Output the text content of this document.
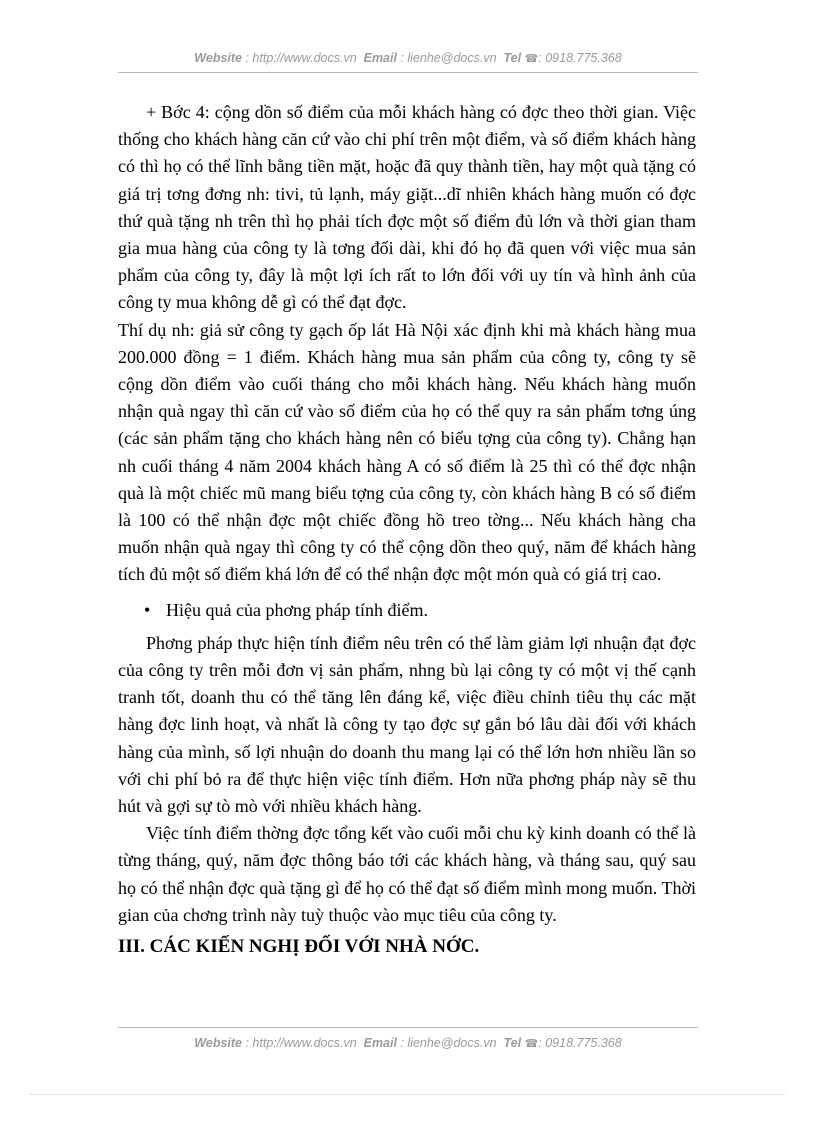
Website : http://www.docs.vn Email : lienhe@docs.vn Tel ☎: 0918.775.368

+ Bớc 4: cộng dồn số điểm của mỗi khách hàng có đợc theo thời gian. Việc thống cho khách hàng căn cứ vào chi phí trên một điểm, và số điểm khách hàng có thì họ có thể lĩnh bằng tiền mặt, hoặc đã quy thành tiền, hay một quà tặng có giá trị tơng đơng nh: tivi, tủ lạnh, máy giặt...dĩ nhiên khách hàng muốn có đợc thứ quà tặng nh trên thì họ phải tích đợc một số điểm đủ lớn và thời gian tham gia mua hàng của công ty là tơng đối dài, khi đó họ đã quen với việc mua sản phẩm của công ty, đây là một lợi ích rất to lớn đối với uy tín và hình ảnh của công ty mua không dễ gì có thể đạt đợc.

Thí dụ nh: giả sử công ty gạch ốp lát Hà Nội xác định khi mà khách hàng mua 200.000 đồng = 1 điểm. Khách hàng mua sản phẩm của công ty, công ty sẽ cộng dồn điểm vào cuối tháng cho mỗi khách hàng. Nếu khách hàng muốn nhận quà ngay thì căn cứ vào số điểm của họ có thể quy ra sản phẩm tơng úng (các sản phẩm tặng cho khách hàng nên có biểu tợng của công ty). Chẳng hạn nh cuối tháng 4 năm 2004 khách hàng A có số điểm là 25 thì có thể đợc nhận quà là một chiếc mũ mang biểu tợng của công ty, còn khách hàng B có số điểm là 100 có thể nhận đợc một chiếc đồng hồ treo tờng... Nếu khách hàng cha muốn nhận quà ngay thì công ty có thể cộng dồn theo quý, năm để khách hàng tích đủ một số điểm khá lớn để có thể nhận đợc một món quà có giá trị cao.

• Hiệu quả của phơng pháp tính điểm.

Phơng pháp thực hiện tính điểm nêu trên có thể làm giảm lợi nhuận đạt đợc của công ty trên mỗi đơn vị sản phẩm, nhng bù lại công ty có một vị thế cạnh tranh tốt, doanh thu có thể tăng lên đáng kể, việc điều chỉnh tiêu thụ các mặt hàng đợc linh hoạt, và nhất là công ty tạo đợc sự gắn bó lâu dài đối với khách hàng của mình, số lợi nhuận do doanh thu mang lại có thể lớn hơn nhiều lần so với chi phí bỏ ra để thực hiện việc tính điểm. Hơn nữa phơng pháp này sẽ thu hút và gợi sự tò mò với nhiều khách hàng.

Việc tính điểm thờng đợc tổng kết vào cuối mỗi chu kỳ kinh doanh có thể là từng tháng, quý, năm đợc thông báo tới các khách hàng, và tháng sau, quý sau họ có thể nhận đợc quà tặng gì để họ có thể đạt số điểm mình mong muốn. Thời gian của chơng trình này tuỳ thuộc vào mục tiêu của công ty.

III. CÁC KIẾN NGHỊ ĐỐI VỚI NHÀ NỚC.
Website : http://www.docs.vn Email : lienhe@docs.vn Tel ☎: 0918.775.368
